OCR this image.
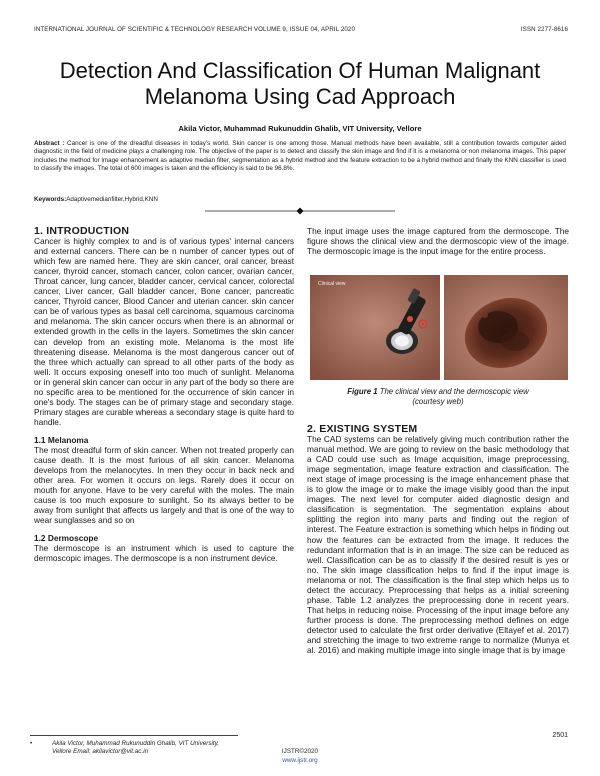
INTERNATIONAL JOURNAL OF SCIENTIFIC & TECHNOLOGY RESEARCH VOLUME 9, ISSUE 04, APRIL 2020	ISSN 2277-8616
Detection And Classification Of Human Malignant
Melanoma Using Cad Approach
Akila Victor, Muhammad Rukunuddin Ghalib, VIT University, Vellore
Abstract : Cancer is one of the dreadful diseases in today's world. Skin cancer is one among those. Manual methods have been available, still a contribution towards computer aided diagnostic in the field of medicine plays a challenging role. The objective of the paper is to detect and classify the skin image and find if it is a melanoma or non melanoma images. This paper includes the method for image enhancement as adaptive median filter, segmentation as a hybrid method and the feature extraction to be a hybrid method and finally the KNN classifier is used to classify the images. The total of 600 images is taken and the efficiency is said to be 96.8%.
Keywords:Adaptivemedianfilter,Hybrid,KNN
1. INTRODUCTION

Cancer is highly complex to and is of various types' internal cancers and external cancers. There can be n number of cancer types out of which few are named here. They are skin cancer, oral cancer, breast cancer, thyroid cancer, stomach cancer, colon cancer, ovarian cancer, Throat cancer, lung cancer, bladder cancer, cervical cancer, colorectal cancer, Liver cancer, Gall bladder cancer, Bone cancer, pancreatic cancer, Thyroid cancer, Blood Cancer and uterian cancer. skin cancer can be of various types as basal cell carcinoma, squamous carcinoma and melanoma. The skin cancer occurs when there is an abnormal or extended growth in the cells in the layers. Sometimes the skin cancer can develop from an existing mole. Melanoma is the most life threatening disease. Melanoma is the most dangerous cancer out of the three which actually can spread to all other parts of the body as well. It occurs exposing oneself into too much of sunlight. Melanoma or in general skin cancer can occur in any part of the body so there are no specific area to be mentioned for the occurrence of skin cancer in one's body. The stages can be of primary stage and secondary stage. Primary stages are curable whereas a secondary stage is quite hard to handle.

1.1 Melanoma

The most dreadful form of skin cancer. When not treated properly can cause death. It is the most furious of all skin cancer. Melanoma develops from the melanocytes. In men they occur in back neck and other area. For women it occurs on legs. Rarely does it occur on mouth for anyone. Have to be very careful with the moles. The main cause is too much exposure to sunlight. So its always better to be away from sunlight that affects us largely and that is one of the way to wear sunglasses and so on

1.2 Dermoscope

The dermoscope is an instrument which is used to capture the dermoscopic images. The dermoscope is a non instrument device.

•	Akila Victor, Muhammad Rukunuddin Ghalib, VIT University,
Vellore Email: akilavictor@vit.ac.in
The input image uses the image captured from the dermoscope. The figure shows the clinical view and the dermoscopic view of the image. The dermoscopic image is the input image for the entire process.
Clinical view
Figure 1 The clinical view and the dermoscopic view
(courtesy web)
2. EXISTING SYSTEM

The CAD systems can be relatively giving much contribution rather the manual method. We are going to review on the basic methodology that a CAD could use such as Image acquisition, image preprocessing, image segmentation, image feature extraction and classification. The next stage of image processing is the image enhancement phase that is to glow the image or to make the image visibly good than the input images. The next level for computer aided diagnostic design and classification is segmentation. The segmentation explains about splitting the region into many parts and finding out the region of interest. The Feature extraction is something which helps in finding out how the features can be extracted from the image. It reduces the redundant information that is in an image. The size can be reduced as well. Classification can be as to classify if the desired result is yes or no. The skin image classification helps to find if the input image is melanoma or not. The classification is the final step which helps us to detect the accuracy. Preprocessing that helps as a initial screening phase. Table 1.2 analyzes the preprocessing done in recent years. That helps in reducing noise. Processing of the input image before any further process is done. The preprocessing method defines on edge detector used to calculate the first order derivative (Eltayef et al. 2017) and stretching the image to two extreme range to normalize (Munya et al. 2016) and making multiple image into single image that is by image

2501
IJSTR©2020
www.ijstr.org
